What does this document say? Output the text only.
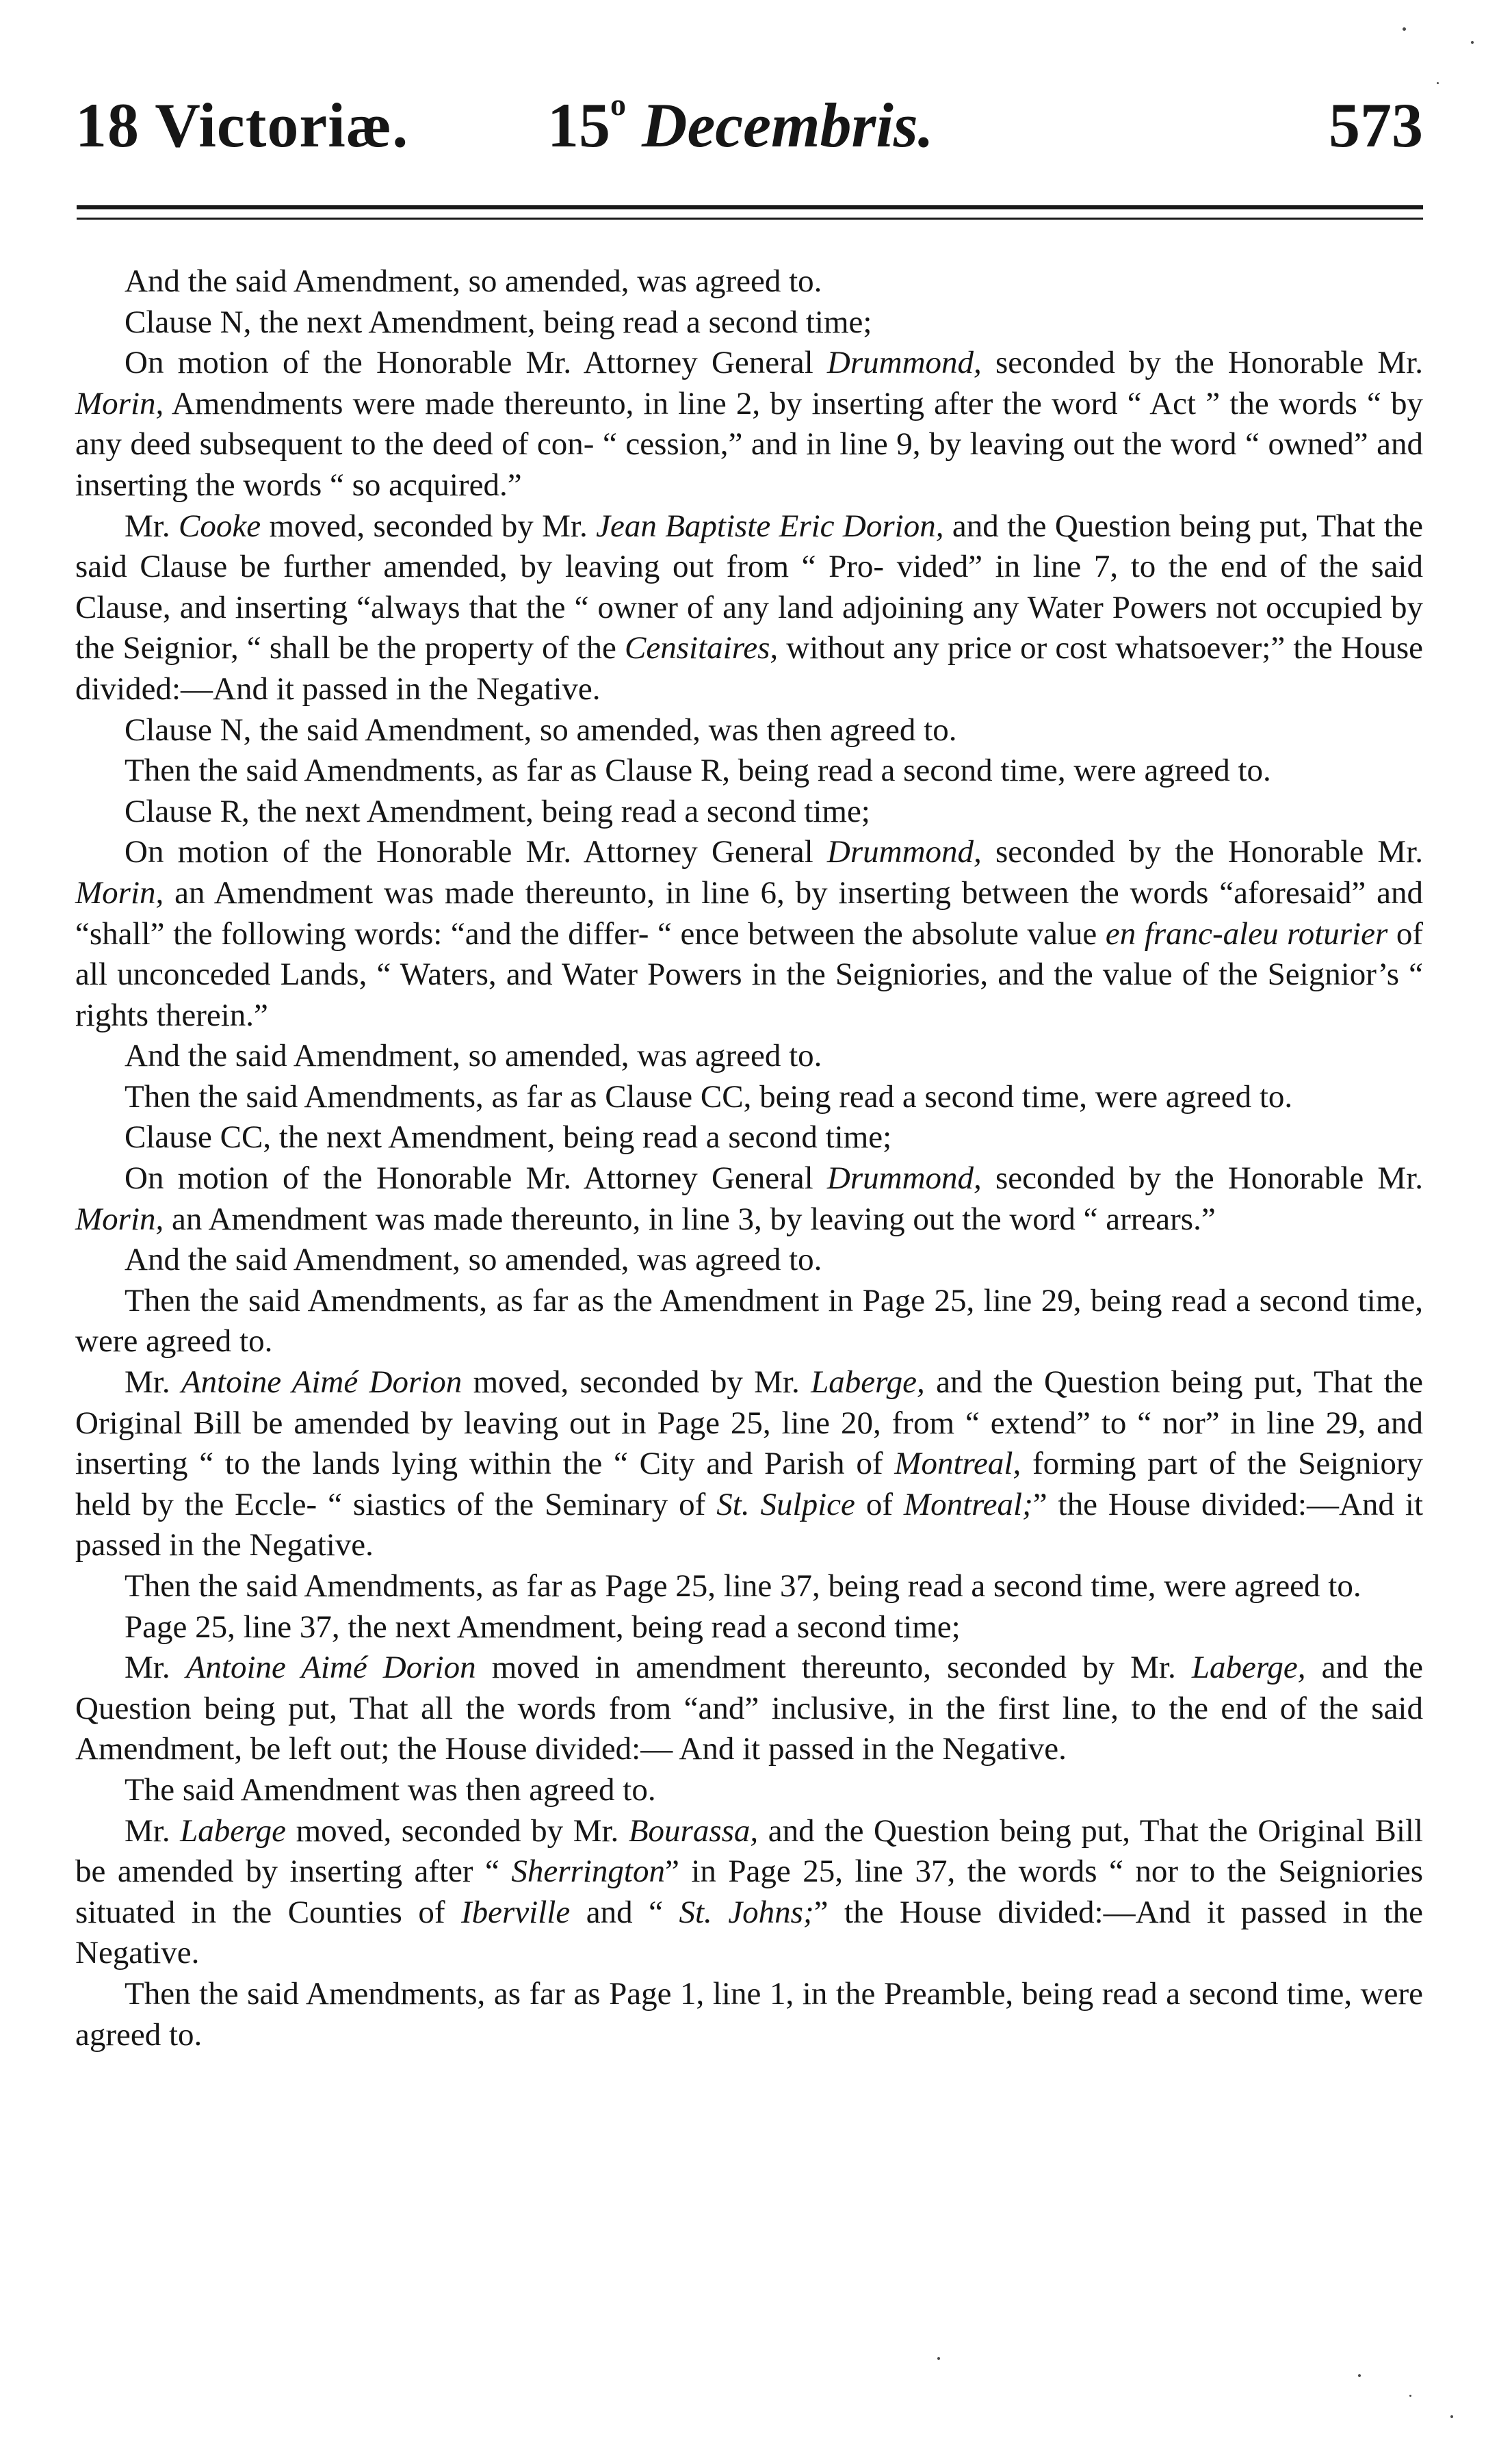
18 Victoriæ. 15$^o$ Decembris.	573

And the said Amendment, so amended, was agreed to.

Clause N, the next Amendment, being read a second time;

On motion of the Honorable Mr. Attorney General Drummond, seconded by the Honorable Mr. Morin, Amendments were made thereunto, in line 2, by inserting after the word “ Act ” the words “ by any deed subsequent to the deed of con- “ cession,” and in line 9, by leaving out the word “ owned” and inserting the words “ so acquired.”

Mr. Cooke moved, seconded by Mr. Jean Baptiste Eric Dorion, and the Question being put, That the said Clause be further amended, by leaving out from “ Pro- vided” in line 7, to the end of the said Clause, and inserting “always that the “ owner of any land adjoining any Water Powers not occupied by the Seignior, “ shall be the property of the Censitaires, without any price or cost whatsoever;” the House divided:—And it passed in the Negative.

Clause N, the said Amendment, so amended, was then agreed to.

Then the said Amendments, as far as Clause R, being read a second time, were agreed to.

Clause R, the next Amendment, being read a second time;

On motion of the Honorable Mr. Attorney General Drummond, seconded by the Honorable Mr. Morin, an Amendment was made thereunto, in line 6, by inserting between the words “aforesaid” and “shall” the following words: “and the differ- “ ence between the absolute value en franc-aleu roturier of all unconceded Lands, “ Waters, and Water Powers in the Seigniories, and the value of the Seignior’s “ rights therein.”

And the said Amendment, so amended, was agreed to.

Then the said Amendments, as far as Clause CC, being read a second time, were agreed to.

Clause CC, the next Amendment, being read a second time;

On motion of the Honorable Mr. Attorney General Drummond, seconded by the Honorable Mr. Morin, an Amendment was made thereunto, in line 3, by leaving out the word “ arrears.”

And the said Amendment, so amended, was agreed to.

Then the said Amendments, as far as the Amendment in Page 25, line 29, being read a second time, were agreed to.

Mr. Antoine Aimé Dorion moved, seconded by Mr. Laberge, and the Question being put, That the Original Bill be amended by leaving out in Page 25, line 20, from “ extend” to “ nor” in line 29, and inserting “ to the lands lying within the “ City and Parish of Montreal, forming part of the Seigniory held by the Eccle- “ siastics of the Seminary of St. Sulpice of Montreal;” the House divided:—And it passed in the Negative.

Then the said Amendments, as far as Page 25, line 37, being read a second time, were agreed to.

Page 25, line 37, the next Amendment, being read a second time;

Mr. Antoine Aimé Dorion moved in amendment thereunto, seconded by Mr. Laberge, and the Question being put, That all the words from “and” inclusive, in the first line, to the end of the said Amendment, be left out; the House divided:— And it passed in the Negative.

The said Amendment was then agreed to.

Mr. Laberge moved, seconded by Mr. Bourassa, and the Question being put, That the Original Bill be amended by inserting after “ Sherrington” in Page 25, line 37, the words “ nor to the Seigniories situated in the Counties of Iberville and “ St. Johns;” the House divided:—And it passed in the Negative.

Then the said Amendments, as far as Page 1, line 1, in the Preamble, being read a second time, were agreed to.
